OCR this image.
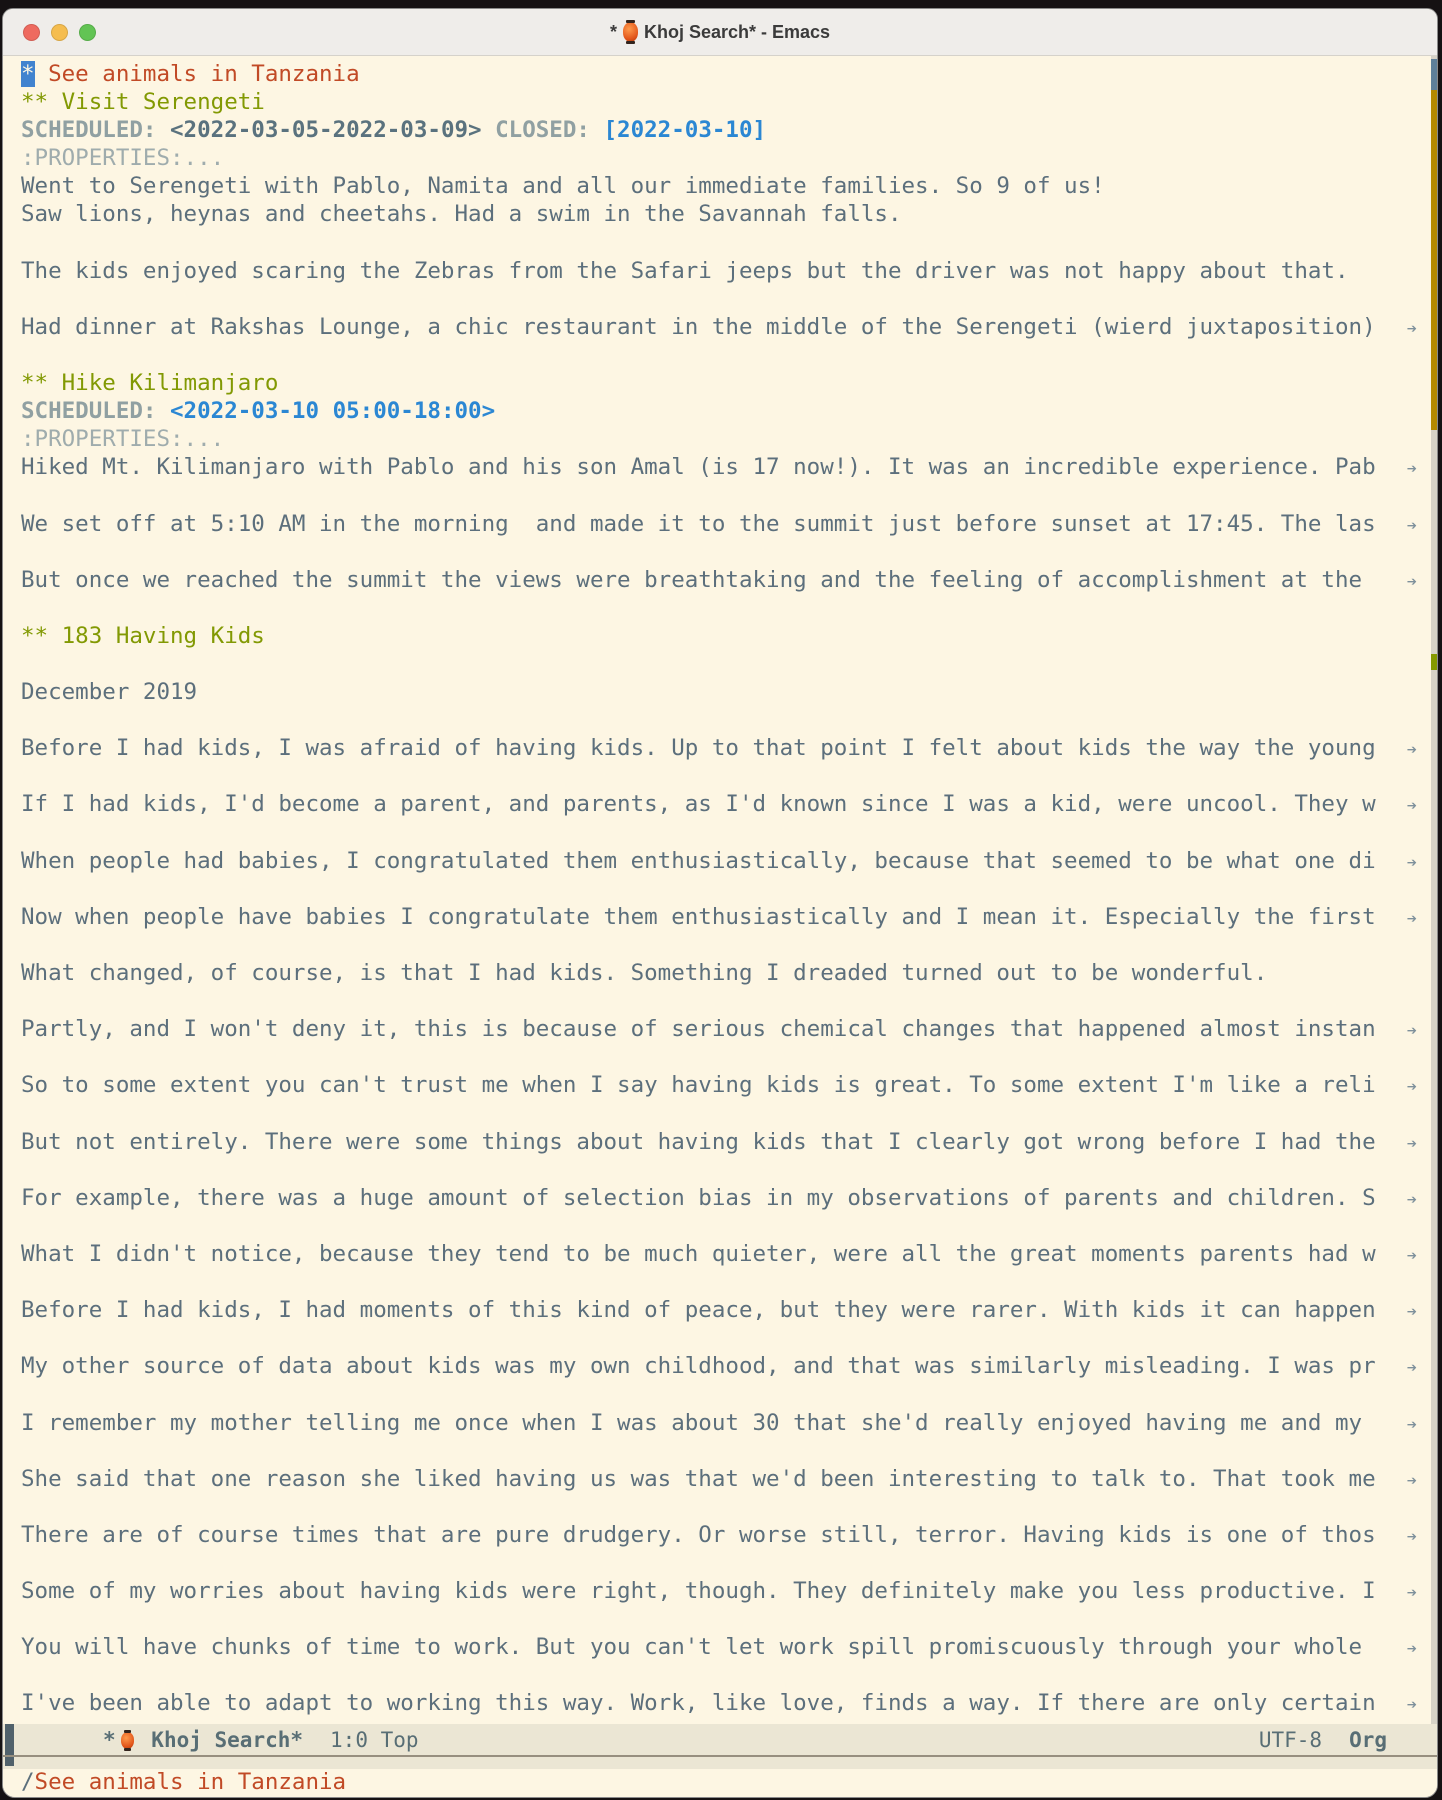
* Khoj Search* - Emacs
* See animals in Tanzania
** Visit Serengeti
SCHEDULED: <2022-03-05-2022-03-09> CLOSED: [2022-03-10]
:PROPERTIES:...
Went to Serengeti with Pablo, Namita and all our immediate families. So 9 of us!
Saw lions, heynas and cheetahs. Had a swim in the Savannah falls.
The kids enjoyed scaring the Zebras from the Safari jeeps but the driver was not happy about that.
Had dinner at Rakshas Lounge, a chic restaurant in the middle of the Serengeti (wierd juxtaposition) ➔
** Hike Kilimanjaro
SCHEDULED: <2022-03-10 05:00-18:00>
:PROPERTIES:...
Hiked Mt. Kilimanjaro with Pablo and his son Amal (is 17 now!). It was an incredible experience. Pab ➔
We set off at 5:10 AM in the morning  and made it to the summit just before sunset at 17:45. The las ➔
But once we reached the summit the views were breathtaking and the feeling of accomplishment at the ➔
** 183 Having Kids
December 2019
Before I had kids, I was afraid of having kids. Up to that point I felt about kids the way the young ➔
If I had kids, I'd become a parent, and parents, as I'd known since I was a kid, were uncool. They w ➔
When people had babies, I congratulated them enthusiastically, because that seemed to be what one di ➔
Now when people have babies I congratulate them enthusiastically and I mean it. Especially the first ➔
What changed, of course, is that I had kids. Something I dreaded turned out to be wonderful.
Partly, and I won't deny it, this is because of serious chemical changes that happened almost instan ➔
So to some extent you can't trust me when I say having kids is great. To some extent I'm like a reli ➔
But not entirely. There were some things about having kids that I clearly got wrong before I had the ➔
For example, there was a huge amount of selection bias in my observations of parents and children. S ➔
What I didn't notice, because they tend to be much quieter, were all the great moments parents had w ➔
Before I had kids, I had moments of this kind of peace, but they were rarer. With kids it can happen ➔
My other source of data about kids was my own childhood, and that was similarly misleading. I was pr ➔
I remember my mother telling me once when I was about 30 that she'd really enjoyed having me and my ➔
She said that one reason she liked having us was that we'd been interesting to talk to. That took me ➔
There are of course times that are pure drudgery. Or worse still, terror. Having kids is one of thos ➔
Some of my worries about having kids were right, though. They definitely make you less productive. I ➔
You will have chunks of time to work. But you can't let work spill promiscuously through your whole ➔
I've been able to adapt to working this way. Work, like love, finds a way. If there are only certain ➔

* Khoj Search* 1:0 Top

	UTF-8 Org

See animals in Tanzania
